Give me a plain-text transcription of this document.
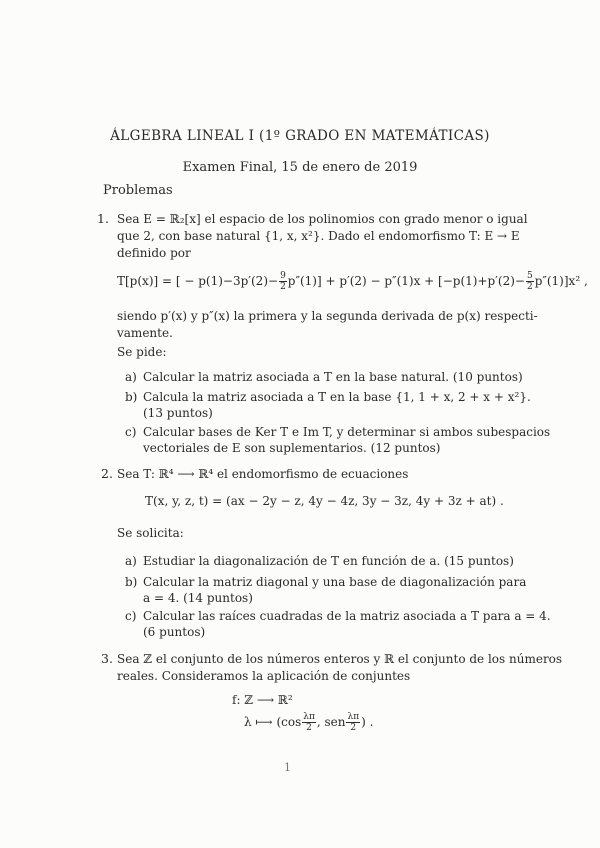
ÁLGEBRA LINEAL I (1º GRADO EN MATEMÁTICAS)
Examen Final, 15 de enero de 2019
Problemas
1. Sea E = ℝ₂[x] el espacio de los polinomios con grado menor o igual
que 2, con base natural {1, x, x²}. Dado el endomorfismo T: E → E
definido por
T[p(x)] = [ − $p(1)-3p'(2)- \frac{9}{2} p''(1)] + p'(2) - p''(1)x + [-p(1)+p'(2)- \frac{5}{2} p''(1)]x^2$ ,
siendo p′(x) y p″(x) la primera y la segunda derivada de p(x) respecti-
vamente.
Se pide:
a) Calcular la matriz asociada a T en la base natural. (10 puntos)
b) Calcula la matriz asociada a T en la base {1, 1 + x, 2 + x + x²}.
(13 puntos)
c) Calcular bases de Ker T e Im T, y determinar si ambos subespacios
vectoriales de E son suplementarios. (12 puntos)
2. Sea T: ℝ⁴ ⟶ ℝ⁴ el endomorfismo de ecuaciones
T(x, y, z, t) = (ax − 2y − z, 4y − 4z, 3y − 3z, 4y + 3z + at) .
Se solicita:
a) Estudiar la diagonalización de T en función de a. (15 puntos)
b) Calcular la matriz diagonal y una base de diagonalización para
a = 4. (14 puntos)
c) Calcular las raíces cuadradas de la matriz asociada a T para a = 4.
(6 puntos)
3. Sea ℤ el conjunto de los números enteros y ℝ el conjunto de los números
reales. Consideramos la aplicación de conjuntes
f: ℤ ⟶ ℝ²
λ ⟼ ($\cos \frac{\lambda\pi}{2}$ , sen $\frac{\lambda\pi}{2}$ ) .
1
